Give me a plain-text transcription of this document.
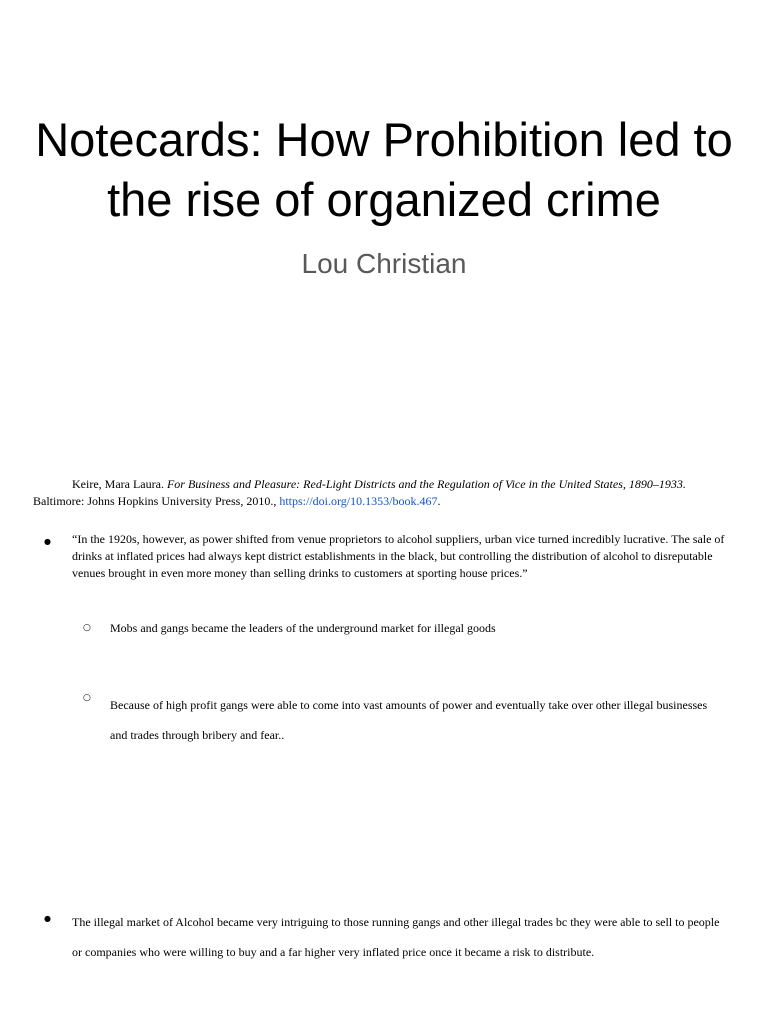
Notecards: How Prohibition led to the rise of organized crime
Lou Christian
Keire, Mara Laura. For Business and Pleasure: Red-Light Districts and the Regulation of Vice in the United States, 1890–1933. Baltimore: Johns Hopkins University Press, 2010., https://doi.org/10.1353/book.467.
● “In the 1920s, however, as power shifted from venue proprietors to alcohol suppliers, urban vice turned incredibly lucrative. The sale of drinks at inflated prices had always kept district establishments in the black, but controlling the distribution of alcohol to disreputable venues brought in even more money than selling drinks to customers at sporting house prices.”
○ Mobs and gangs became the leaders of the underground market for illegal goods
○ Because of high profit gangs were able to come into vast amounts of power and eventually take over other illegal businesses and trades through bribery and fear..
● The illegal market of Alcohol became very intriguing to those running gangs and other illegal trades bc they were able to sell to people or companies who were willing to buy and a far higher very inflated price once it became a risk to distribute.
